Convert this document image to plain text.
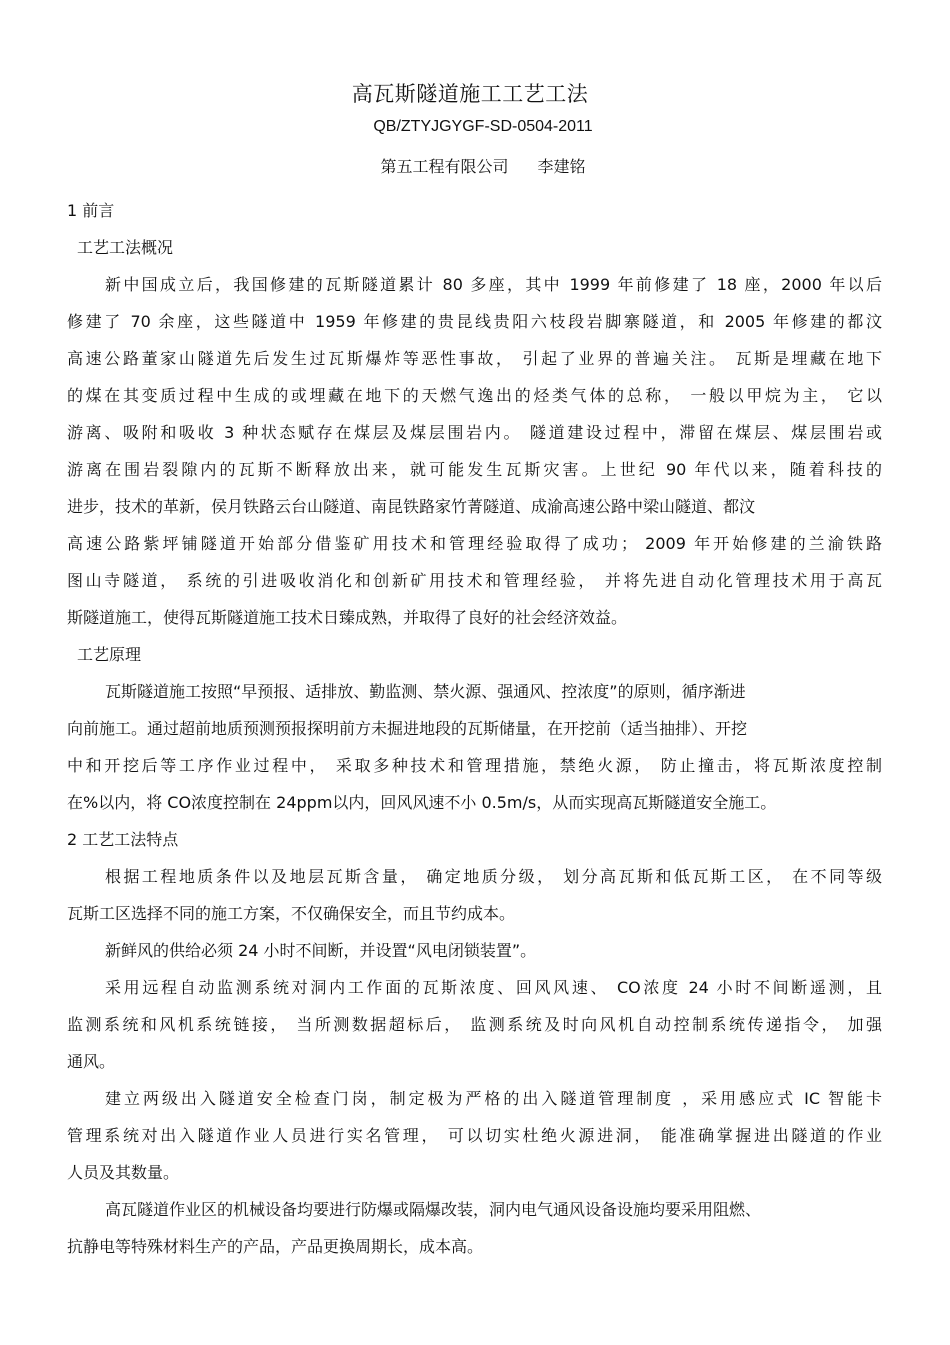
高瓦斯隧道施工工艺工法
QB/ZTYJGYGF-SD-0504-2011
第五工程有限公司 李建铭
1 前言
工艺工法概况
新中国成立后，我国修建的瓦斯隧道累计 80 多座，其中 1999 年前修建了 18 座，2000 年以后
修建了 70 余座，这些隧道中 1959 年修建的贵昆线贵阳六枝段岩脚寨隧道，和 2005 年修建的都汶
高速公路董家山隧道先后发生过瓦斯爆炸等恶性事故， 引起了业界的普遍关注。 瓦斯是埋藏在地下
的煤在其变质过程中生成的或埋藏在地下的天燃气逸出的烃类气体的总称， 一般以甲烷为主， 它以
游离、吸附和吸收 3 种状态赋存在煤层及煤层围岩内。 隧道建设过程中，滞留在煤层、煤层围岩或
游离在围岩裂隙内的瓦斯不断释放出来，就可能发生瓦斯灾害。上世纪 90 年代以来，随着科技的
进步，技术的革新，侯月铁路云台山隧道、南昆铁路家竹菁隧道、成渝高速公路中梁山隧道、都汶
高速公路紫坪铺隧道开始部分借鉴矿用技术和管理经验取得了成功； 2009 年开始修建的兰渝铁路
图山寺隧道， 系统的引进吸收消化和创新矿用技术和管理经验， 并将先进自动化管理技术用于高瓦
斯隧道施工，使得瓦斯隧道施工技术日臻成熟，并取得了良好的社会经济效益。
工艺原理
瓦斯隧道施工按照“早预报、适排放、勤监测、禁火源、强通风、控浓度”的原则，循序渐进
向前施工。通过超前地质预测预报探明前方未掘进地段的瓦斯储量，在开挖前（适当抽排）、开挖
中和开挖后等工序作业过程中， 采取多种技术和管理措施，禁绝火源， 防止撞击，将瓦斯浓度控制
在%以内，将 CO浓度控制在 24ppm以内，回风风速不小 0.5m/s，从而实现高瓦斯隧道安全施工。
2 工艺工法特点
根据工程地质条件以及地层瓦斯含量， 确定地质分级， 划分高瓦斯和低瓦斯工区， 在不同等级
瓦斯工区选择不同的施工方案，不仅确保安全，而且节约成本。
新鲜风的供给必须 24 小时不间断，并设置“风电闭锁装置”。
采用远程自动监测系统对洞内工作面的瓦斯浓度、回风风速、 CO浓度 24 小时不间断遥测，且
监测系统和风机系统链接， 当所测数据超标后， 监测系统及时向风机自动控制系统传递指令， 加强
通风。
建立两级出入隧道安全检查门岗，制定极为严格的出入隧道管理制度 ，采用感应式 IC 智能卡
管理系统对出入隧道作业人员进行实名管理， 可以切实杜绝火源进洞， 能准确掌握进出隧道的作业
人员及其数量。
高瓦隧道作业区的机械设备均要进行防爆或隔爆改装，洞内电气通风设备设施均要采用阻燃、
抗静电等特殊材料生产的产品，产品更换周期长，成本高。
